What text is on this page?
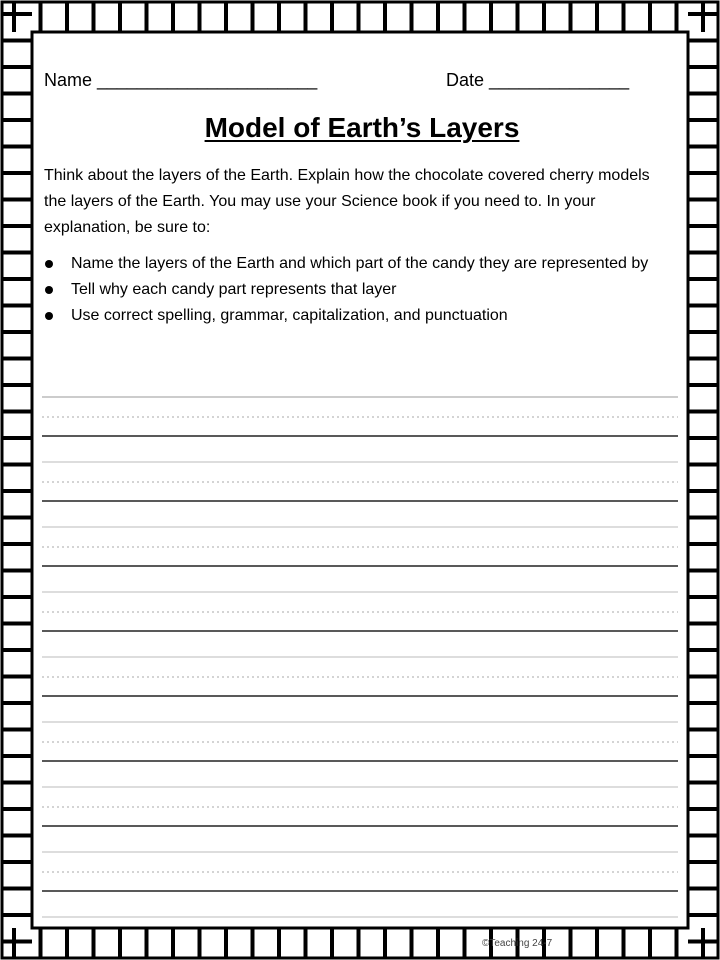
Name ______________________	Date ______________
Model of Earth’s Layers
Think about the layers of the Earth. Explain how the chocolate covered cherry models the layers of the Earth. You may use your Science book if you need to. In your explanation, be sure to:
Name the layers of the Earth and which part of the candy they are represented by
Tell why each candy part represents that layer
Use correct spelling, grammar, capitalization, and punctuation
©Teaching 24-7
